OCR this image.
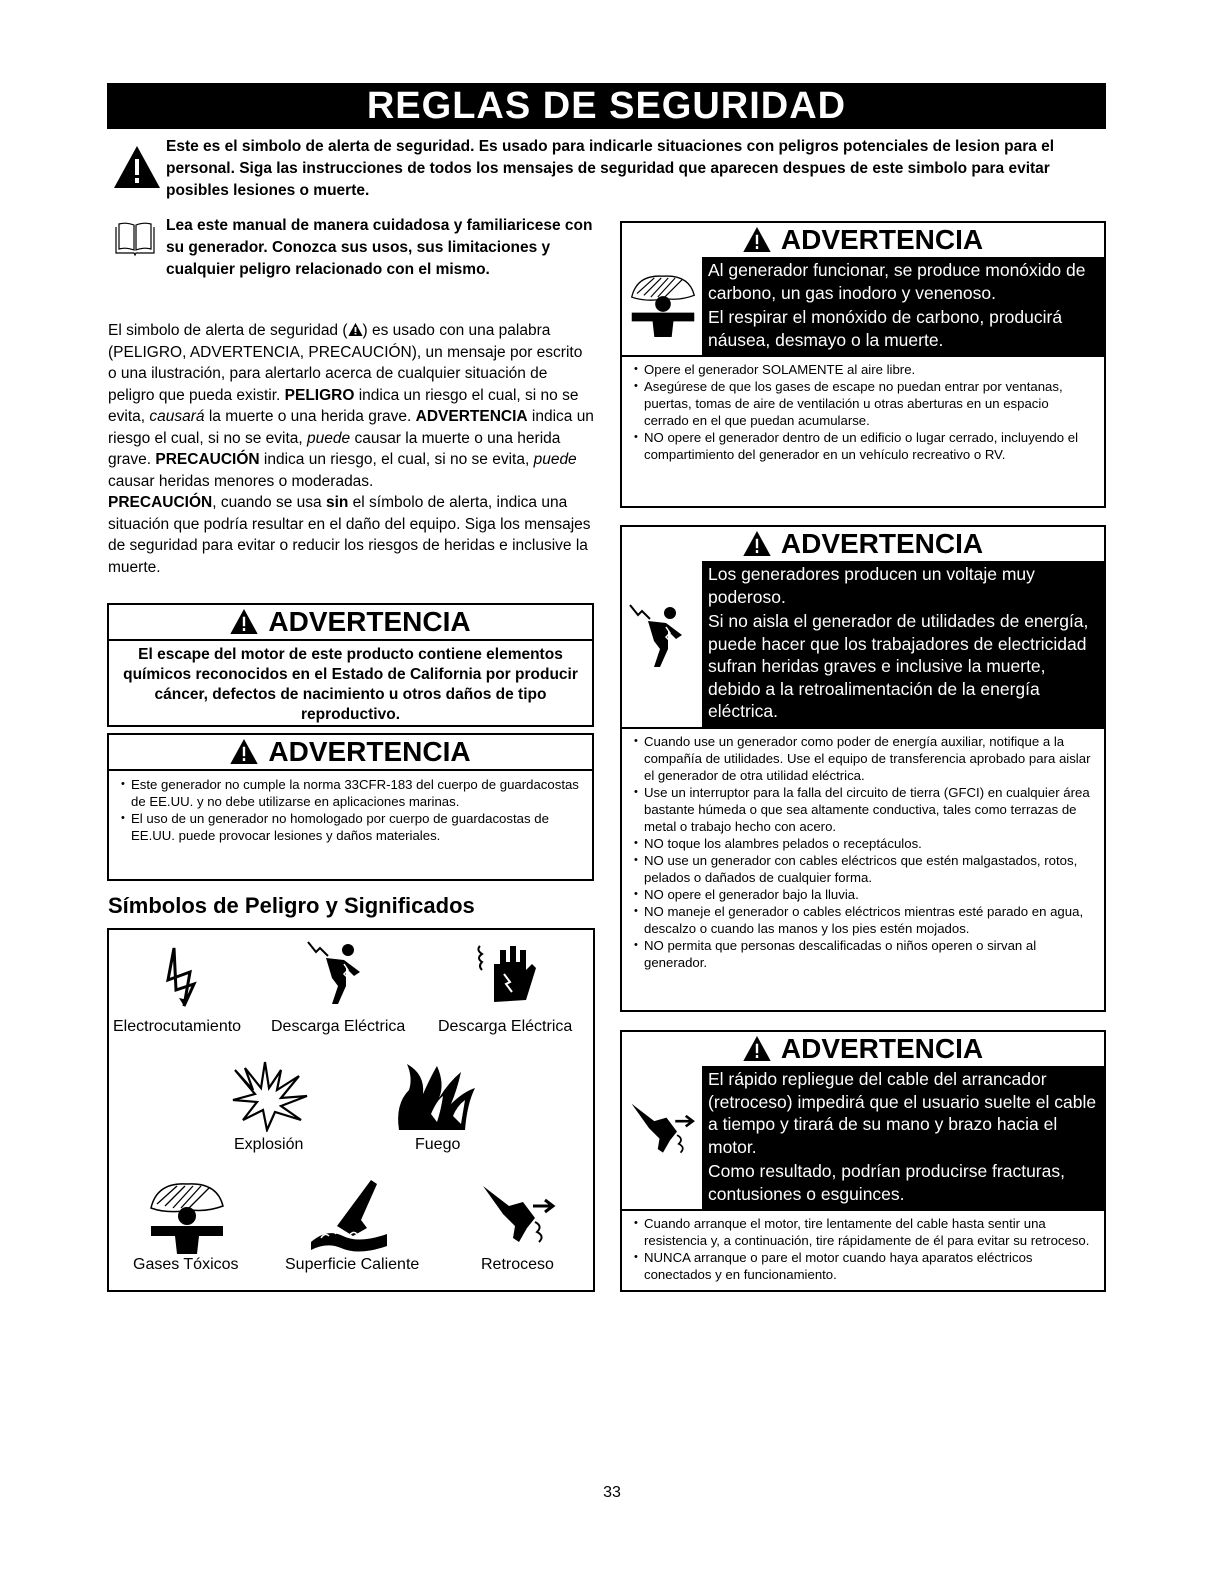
REGLAS DE SEGURIDAD

Este es el simbolo de alerta de seguridad. Es usado para indicarle situaciones con peligros potenciales de lesion para el personal. Siga las instrucciones de todos los mensajes de seguridad que aparecen despues de este simbolo para evitar posibles lesiones o muerte.

Lea este manual de manera cuidadosa y familiaricese con su generador. Conozca sus usos, sus limitaciones y cualquier peligro relacionado con el mismo.

El simbolo de alerta de seguridad ( ) es usado con una palabra (PELIGRO, ADVERTENCIA, PRECAUCIÓN), un mensaje por escrito o una ilustración, para alertarlo acerca de cualquier situación de peligro que pueda existir. PELIGRO indica un riesgo el cual, si no se evita, causará la muerte o una herida grave. ADVERTENCIA indica un riesgo el cual, si no se evita, puede causar la muerte o una herida grave. PRECAUCIÓN indica un riesgo, el cual, si no se evita, puede causar heridas menores o moderadas.
PRECAUCIÓN, cuando se usa sin el símbolo de alerta, indica una situación que podría resultar en el daño del equipo. Siga los mensajes de seguridad para evitar o reducir los riesgos de heridas e inclusive la muerte.

ADVERTENCIA
El escape del motor de este producto contiene elementos químicos reconocidos en el Estado de California por producir cáncer, defectos de nacimiento u otros daños de tipo reproductivo.
ADVERTENCIA
• Este generador no cumple la norma 33CFR-183 del cuerpo de guardacostas de EE.UU. y no debe utilizarse en aplicaciones marinas.
• El uso de un generador no homologado por cuerpo de guardacostas de EE.UU. puede provocar lesiones y daños materiales.
Símbolos de Peligro y Significados
Electrocutamiento Descarga Eléctrica Descarga Eléctrica
Explosión	Fuego
Gases Tóxicos	Superficie Caliente	Retroceso
ADVERTENCIA

Al generador funcionar, se produce monóxido de carbono, un gas inodoro y venenoso.

El respirar el monóxido de carbono, producirá náusea, desmayo o la muerte.

• Opere el generador SOLAMENTE al aire libre.
• Asegúrese de que los gases de escape no puedan entrar por ventanas, puertas, tomas de aire de ventilación u otras aberturas en un espacio cerrado en el que puedan acumularse.
• NO opere el generador dentro de un edificio o lugar cerrado, incluyendo el compartimiento del generador en un vehículo recreativo o RV.
ADVERTENCIA

Los generadores producen un voltaje muy poderoso.

Si no aisla el generador de utilidades de energía, puede hacer que los trabajadores de electricidad sufran heridas graves e inclusive la muerte, debido a la retroalimentación de la energía eléctrica.

• Cuando use un generador como poder de energía auxiliar, notifique a la compañía de utilidades. Use el equipo de transferencia aprobado para aislar el generador de otra utilidad eléctrica.
• Use un interruptor para la falla del circuito de tierra (GFCI) en cualquier área bastante húmeda o que sea altamente conductiva, tales como terrazas de metal o trabajo hecho con acero.
• NO toque los alambres pelados o receptáculos.
• NO use un generador con cables eléctricos que estén malgastados, rotos, pelados o dañados de cualquier forma.
• NO opere el generador bajo la lluvia.
• NO maneje el generador o cables eléctricos mientras esté parado en agua, descalzo o cuando las manos y los pies estén mojados.
• NO permita que personas descalificadas o niños operen o sirvan al generador.
ADVERTENCIA

El rápido repliegue del cable del arrancador (retroceso) impedirá que el usuario suelte el cable a tiempo y tirará de su mano y brazo hacia el motor.

Como resultado, podrían producirse fracturas, contusiones o esguinces.

• Cuando arranque el motor, tire lentamente del cable hasta sentir una resistencia y, a continuación, tire rápidamente de él para evitar su retroceso.
• NUNCA arranque o pare el motor cuando haya aparatos eléctricos conectados y en funcionamiento.
33
